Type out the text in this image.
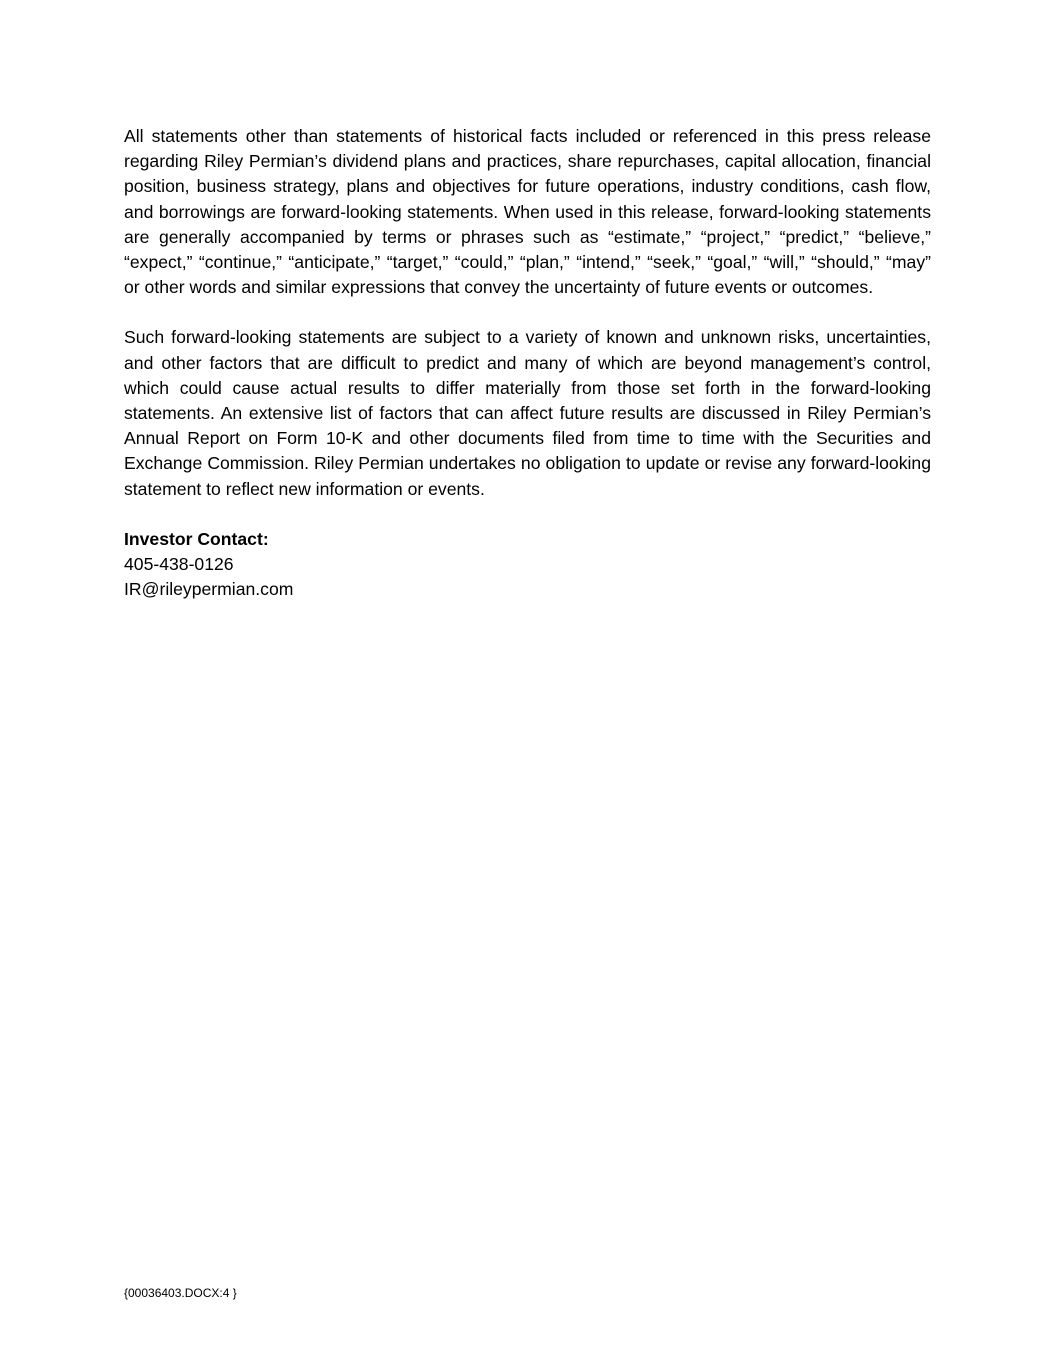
All statements other than statements of historical facts included or referenced in this press release regarding Riley Permian’s dividend plans and practices, share repurchases, capital allocation, financial position, business strategy, plans and objectives for future operations, industry conditions, cash flow, and borrowings are forward-looking statements. When used in this release, forward-looking statements are generally accompanied by terms or phrases such as “estimate,” “project,” “predict,” “believe,” “expect,” “continue,” “anticipate,” “target,” “could,” “plan,” “intend,” “seek,” “goal,” “will,” “should,” “may” or other words and similar expressions that convey the uncertainty of future events or outcomes.

Such forward-looking statements are subject to a variety of known and unknown risks, uncertainties, and other factors that are difficult to predict and many of which are beyond management’s control, which could cause actual results to differ materially from those set forth in the forward-looking statements. An extensive list of factors that can affect future results are discussed in Riley Permian’s Annual Report on Form 10-K and other documents filed from time to time with the Securities and Exchange Commission. Riley Permian undertakes no obligation to update or revise any forward-looking statement to reflect new information or events.

Investor Contact:

405-438-0126

IR@rileypermian.com

{00036403.DOCX:4 }
